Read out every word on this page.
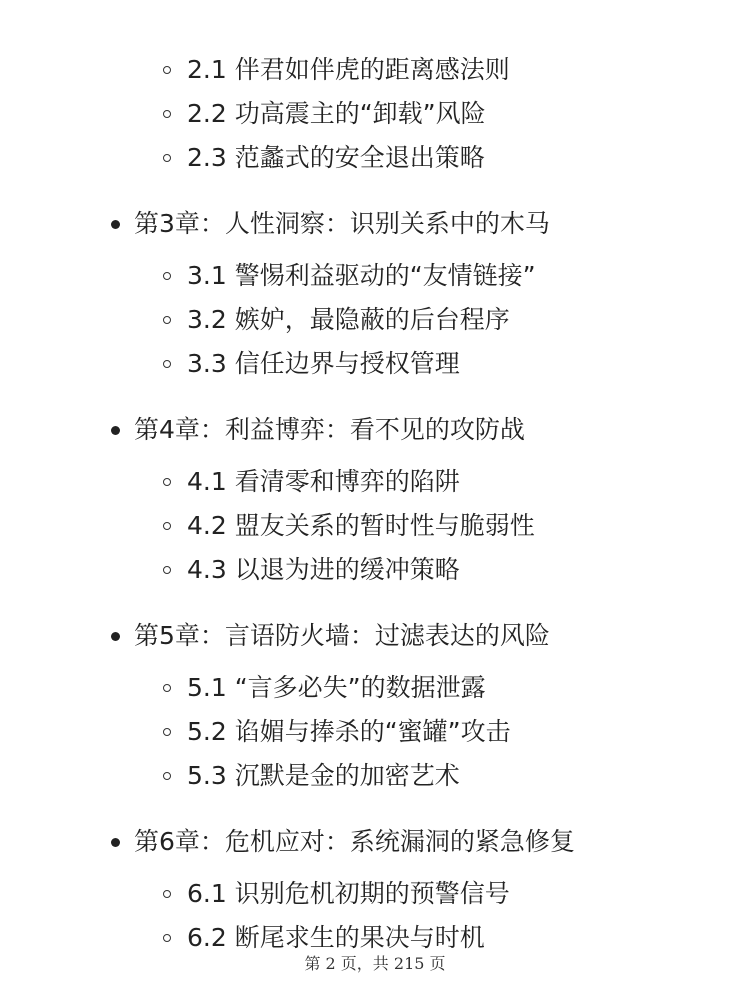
2.1 伴君如伴虎的距离感法则
2.2 功高震主的“卸载”风险
2.3 范蠡式的安全退出策略
第3章：人性洞察：识别关系中的木马
3.1 警惕利益驱动的“友情链接”
3.2 嫉妒，最隐蔽的后台程序
3.3 信任边界与授权管理
第4章：利益博弈：看不见的攻防战
4.1 看清零和博弈的陷阱
4.2 盟友关系的暂时性与脆弱性
4.3 以退为进的缓冲策略
第5章：言语防火墙：过滤表达的风险
5.1 “言多必失”的数据泄露
5.2 谄媚与捧杀的“蜜罐”攻击
5.3 沉默是金的加密艺术
第6章：危机应对：系统漏洞的紧急修复
6.1 识别危机初期的预警信号
6.2 断尾求生的果决与时机
第 2 页，共 215 页
